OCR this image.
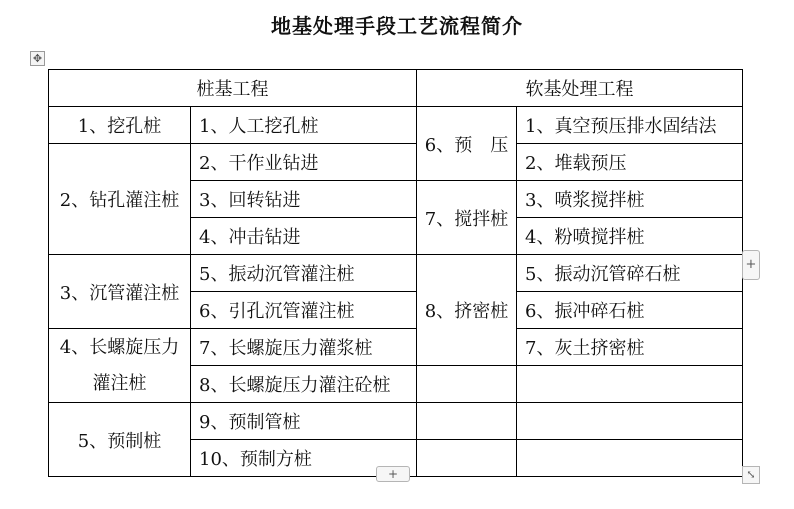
地基处理手段工艺流程简介
✥
桩基工程		软基处理工程	
1、挖孔桩	1、人工挖孔桩	6、预　压	1、真空预压排水固结法
2、钻孔灌注桩	2、干作业钻进		2、堆载预压
	3、回转钻进	7、搅拌桩	3、喷浆搅拌桩
	4、冲击钻进		4、粉喷搅拌桩
3、沉管灌注桩	5、振动沉管灌注桩	8、挤密桩	5、振动沉管碎石桩
	6、引孔沉管灌注桩		6、振冲碎石桩
4、长螺旋压力灌注桩	7、长螺旋压力灌浆桩		7、灰土挤密桩
	8、长螺旋压力灌注砼桩		
5、预制桩	9、预制管桩		
	10、预制方桩		
+
+	⤡
